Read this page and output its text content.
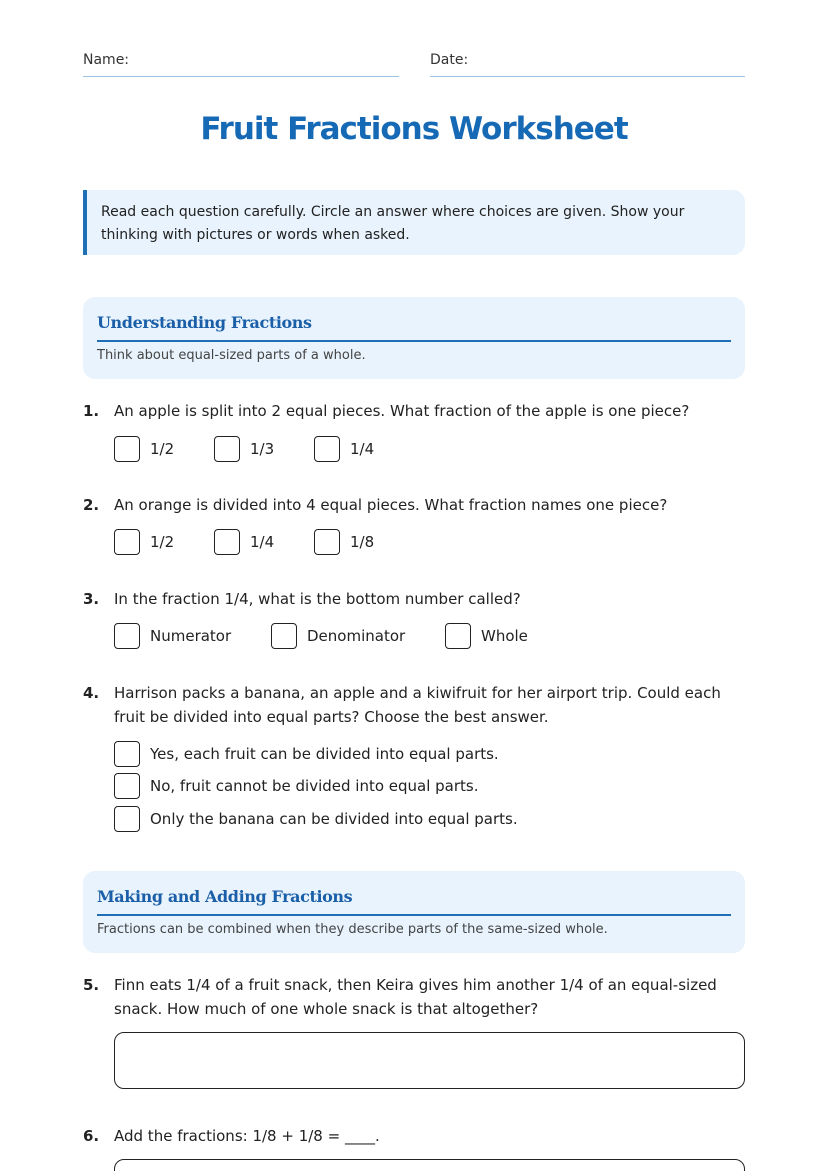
Name:	Date:
Fruit Fractions Worksheet
Read each question carefully. Circle an answer where choices are given. Show your thinking with pictures or words when asked.
Understanding Fractions
Think about equal-sized parts of a whole.
1. An apple is split into 2 equal pieces. What fraction of the apple is one piece?
1/2	1/3	1/4
2. An orange is divided into 4 equal pieces. What fraction names one piece?
1/2	1/4	1/8
3. In the fraction 1/4, what is the bottom number called?
Numerator	Denominator	Whole
4. Harrison packs a banana, an apple and a kiwifruit for her airport trip. Could each fruit be divided into equal parts? Choose the best answer.
Yes, each fruit can be divided into equal parts.
No, fruit cannot be divided into equal parts.
Only the banana can be divided into equal parts.
Making and Adding Fractions
Fractions can be combined when they describe parts of the same-sized whole.
5. Finn eats 1/4 of a fruit snack, then Keira gives him another 1/4 of an equal-sized snack. How much of one whole snack is that altogether?
6. Add the fractions: 1/8 + 1/8 = ____.
